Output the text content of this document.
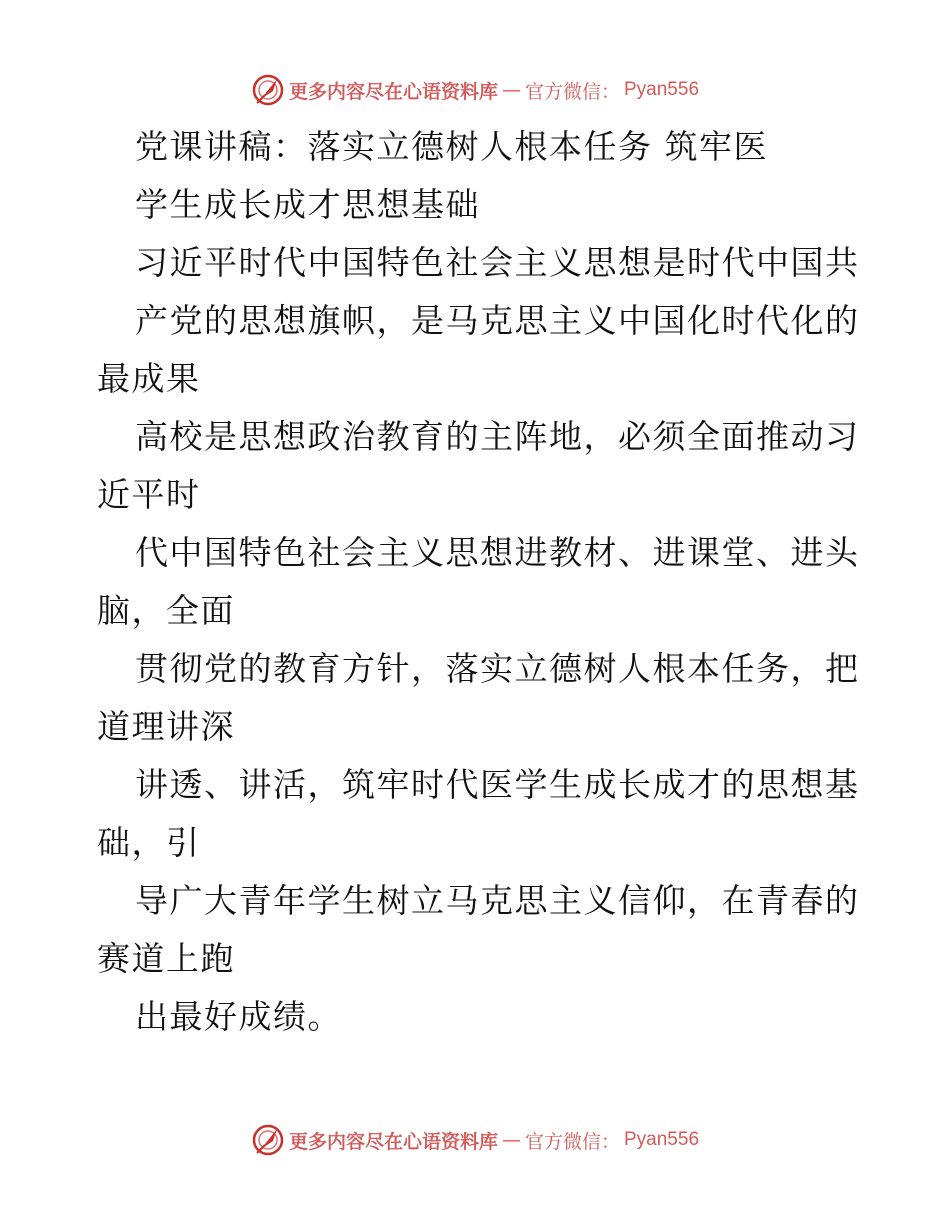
更多内容尽在心语资料库 — 官方微信： Pyan556
党课讲稿：落实立德树人根本任务 筑牢医
学生成长成才思想基础
习近平时代中国特色社会主义思想是时代中国共
产党的思想旗帜，是马克思主义中国化时代化的
最成果
高校是思想政治教育的主阵地，必须全面推动习
近平时
代中国特色社会主义思想进教材、进课堂、进头
脑，全面
贯彻党的教育方针，落实立德树人根本任务，把
道理讲深
讲透、讲活，筑牢时代医学生成长成才的思想基
础，引
导广大青年学生树立马克思主义信仰，在青春的
赛道上跑
出最好成绩。
更多内容尽在心语资料库 — 官方微信： Pyan556
